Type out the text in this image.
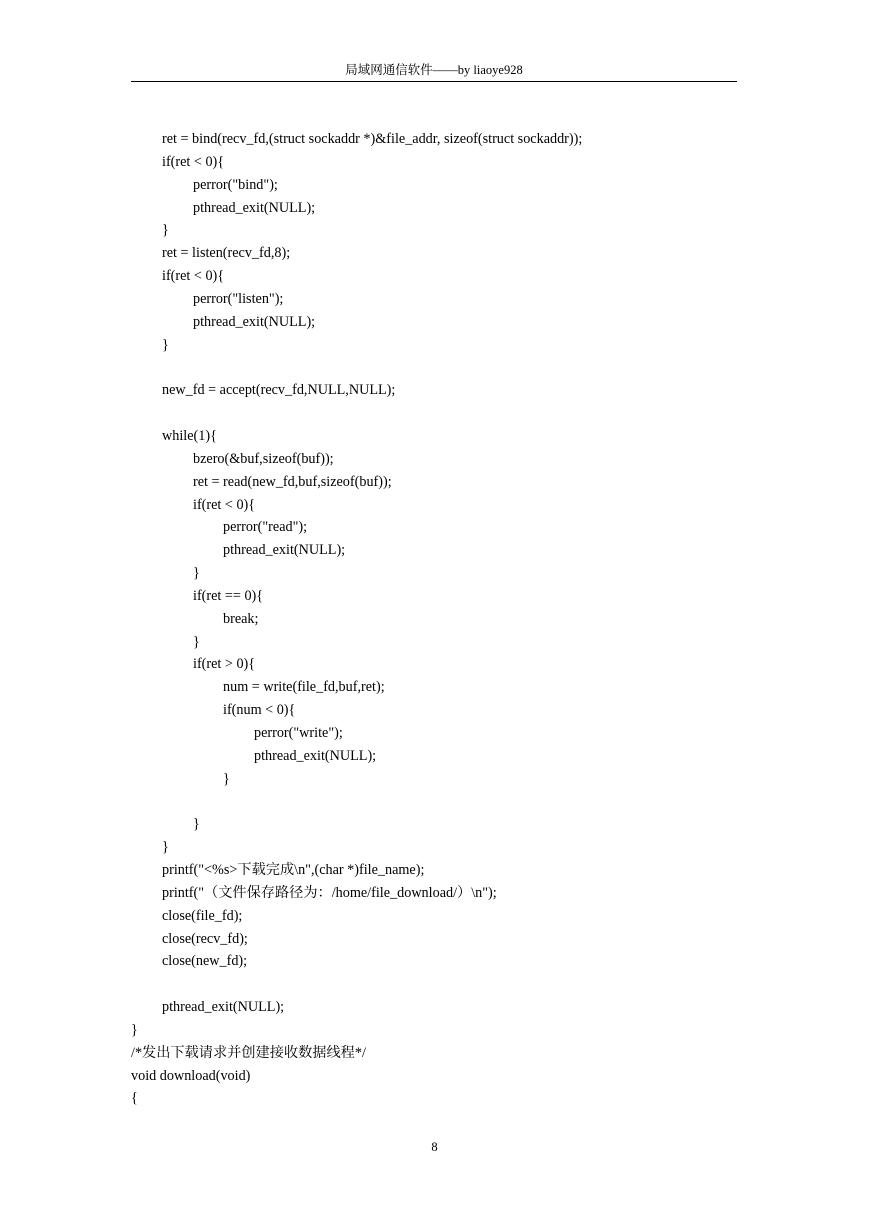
局域网通信软件——by liaoye928
ret = bind(recv_fd,(struct sockaddr *)&file_addr, sizeof(struct sockaddr));
if(ret < 0){
perror("bind");
pthread_exit(NULL);
}
ret = listen(recv_fd,8);
if(ret < 0){
perror("listen");
pthread_exit(NULL);
}
new_fd = accept(recv_fd,NULL,NULL);
while(1){
bzero(&buf,sizeof(buf));
ret = read(new_fd,buf,sizeof(buf));
if(ret < 0){
perror("read");
pthread_exit(NULL);
}
if(ret == 0){
break;
}
if(ret > 0){
num = write(file_fd,buf,ret);
if(num < 0){
perror("write");
pthread_exit(NULL);
}
}
}
printf("<%s>下载完成\n",(char *)file_name);
printf("（文件保存路径为：/home/file_download/）\n");
close(file_fd);
close(recv_fd);
close(new_fd);
pthread_exit(NULL);
}
/*发出下载请求并创建接收数据线程*/
void download(void)
{
8
